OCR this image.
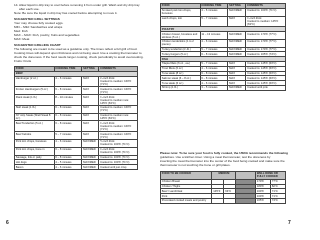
14. Allow liquid in drip tray to cool before removing it from under grill. Wash and dry drip tray
after each use.
Note: Be sure the liquid in drip tray has cooled before attempting to move it.
SUGGESTED GRILL SETTINGS
Your may choose fully cooked eggs.
MIN – Mild: Sandwiches and wraps
Med: Fish
MAX – MAX: Fish, poultry, fruits and vegetables
MAX: Meat
SUGGESTED GRILLING CHART
The following are meant to be used as a guideline only. The times reflect a full grill of food.
Cooking times will depend upon thickness and cut being used. Use a cooking thermometer to
check the doneness. If the food needs longer cooking, check periodically to avoid overcooking.
Fruits: Fruits
FOOD	COOKING TIME	SETTING	COMMENTS
BEEF			
Hamburger (2 oz.)	4 – 6 minutes	MAX	¼-inch thick
Cooked to medium: 160ºF (71ºC)
Frozen Hamburgers (5 oz.)	6 – 8 minutes	MAX	Cooked to medium: 160ºF (71ºC)
Flank steak (1 lb.)	8 – 10 minutes	MAX	¾-inch thick
Cooked to medium rare: 145ºF (63ºC)
Skirt steak (1 lb.)	6 – 8 minutes	MAX	Cooked to medium: 160ºF (71ºC)
NY strip Steak (Shell Steak 8 oz.)	6 – 8 minutes	MAX	Cooked to medium rare: 145ºF (63ºC)
Beef Tenderloin (5 oz.)	6 – 8 minutes	MAX	¾-inch thick
Cooked to medium: 160ºF (71ºC)
Beef Kebobs	5 – 7 minutes	MAX	Cooked to medium: 160ºF (71ºC)
Pork loin chops, boneless	4 – 6 minutes	MAX/MED	½-inch thick
Cooked to: 160ºF (71ºC)
Pork loin chops, bone in	6 – 8 minutes	MAX/MED	¾-inch thick
Cooked to: 160ºF (71ºC)
Sausage, link or patty	6 – 8 minutes	MAX/MED	Cooked to: 160ºF (71ºC)
Hot dogs	4 – 5 minutes	MAX/MED	Cooked to: 160ºF (71ºC)
Bacon	4 – 6 minutes	MAX/MED	Cooked until just crisp
6
FOOD	COOKING TIME	SETTING	COMMENTS
Smoked pork loin chops, boneless	4 – 6 minutes	MAX/MED	Cooked to: 160ºF (71ºC)
Lamb chops, loin	5 – 7 minutes	MAX	¾-inch thick
Cooked to medium: 145ºF (63ºC)
POULTRY			
Chicken breast, boneless and skinless (5 oz.)	11 – 13 minutes	MAX/MED	Cooked to: 170ºF (77ºC)
Chicken tenderloins (1 to 2 pieces)	4 – 6 minutes	MAX/MED	Cooked to: 170ºF (77ºC)
Turkey tenderloin (¼ lb.)	5 – 7 minutes	MAX/MED	Cooked to: 170ºF (77ºC)
Turkey burgers (5 oz.)	6 – 8 minutes	MAX/MED	Cooked to: 165ºF (74ºC)
FISH			
Tilapia fillets (6 oz., ea.)	5 – 7 minutes	MAX	Cooked to: 145ºF (63ºC)
Trout fillets (6 oz.)	4 – 6 minutes	MAX	Cooked to: 145ºF (63ºC)
Tuna steak (8 oz.)	6 – 8 minutes	MAX	Cooked to: 145ºF (63ºC)
Salmon steak (6 – 8 oz.)	6 – 8 minutes	MAX	Cooked to: 145ºF (63ºC)
Tuna steak (6 oz.)	4 – 6 minutes	MAX	Cooked to: 145ºF (63ºC)
Shrimp (1 lb.)	3 – 5 minutes	MAX/MED	Cooked until pink
Please note: To be sure your food is fully cooked, the USDA recommends the following
guidelines. Use a kitchen timer. Using a meat thermometer, test the doneness by
inserting the meat thermometer into the center of the food being cooked and make sure the
thermometer is not touching the bone or grill plates.
FOOD TO BE COOKED	MEDIUM			WELL DONE OR FULLY COOKED	
Chicken Breast				170ºF	77ºC
Chicken Thighs				180ºF	82ºC
Beef / Lamb/Veal	145ºF	63ºC		160ºF	71ºC
Pork				160ºF	71ºC
Precooked cooked meats and poultry				165ºF	74ºC
7
